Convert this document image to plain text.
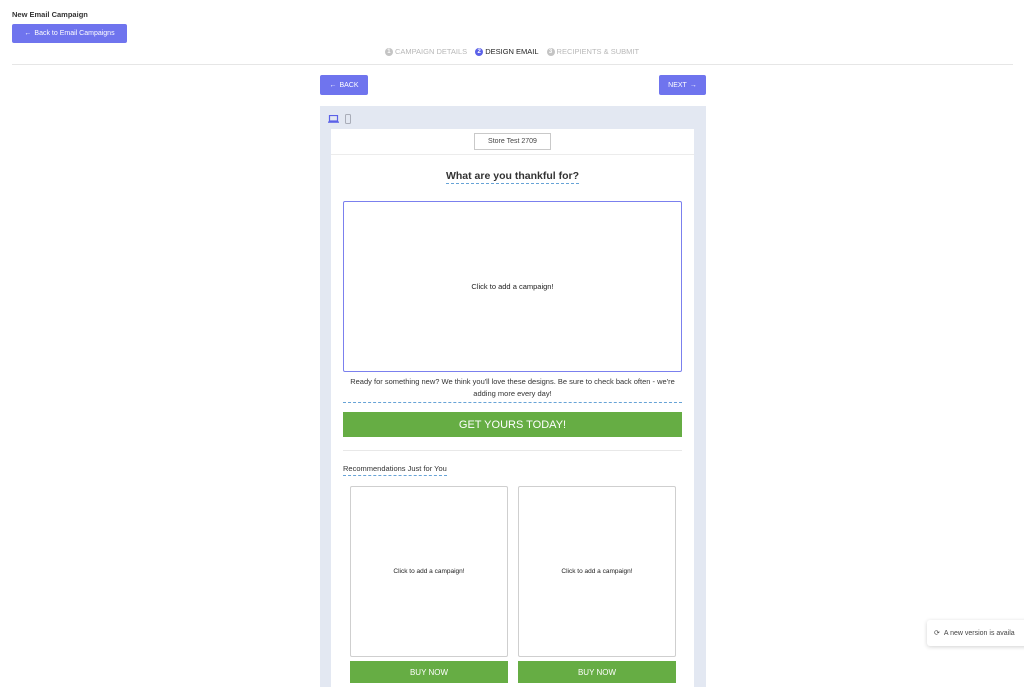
New Email Campaign
← Back to Email Campaigns
1 CAMPAIGN DETAILS	2 DESIGN EMAIL	3 RECIPIENTS & SUBMIT
← BACK	NEXT →
Store Test 2709
What are you thankful for?
Click to add a campaign!
Ready for something new? We think you'll love these designs. Be sure to check back often - we're adding more every day!
GET YOURS TODAY!
Recommendations Just for You
Click to add a campaign!	Click to add a campaign!
BUY NOW	BUY NOW
⟳ A new version is availa
